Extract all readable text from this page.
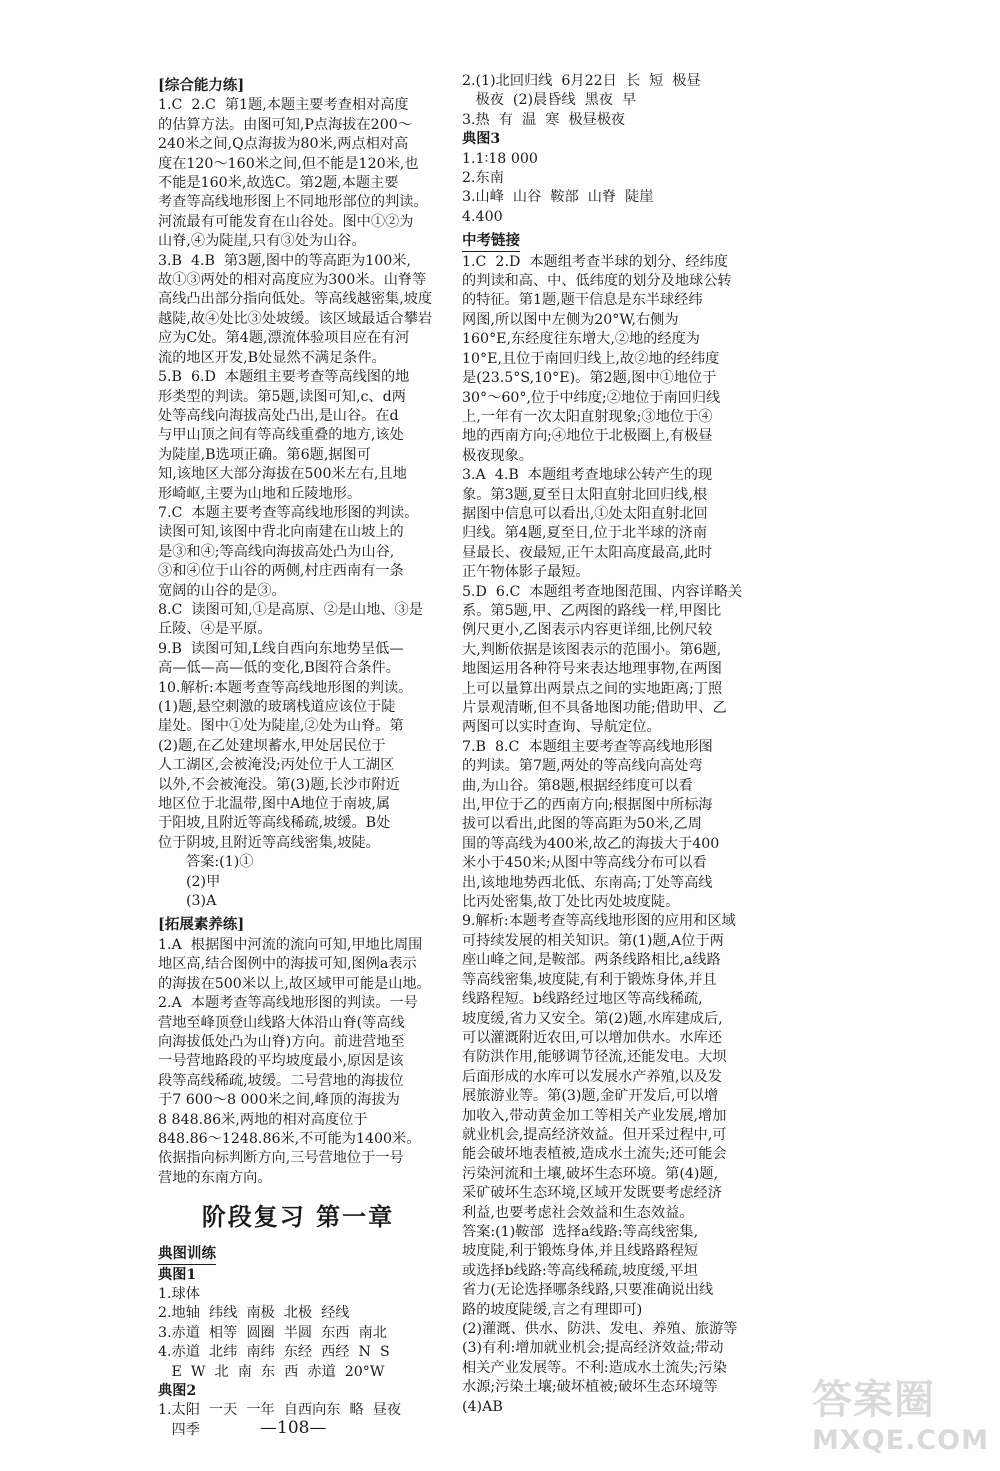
[综合能力练]
1.C  2.C  第1题,本题主要考查相对高度
的估算方法。由图可知,P点海拔在200～
240米之间,Q点海拔为80米,两点相对高
度在120～160米之间,但不能是120米,也
不能是160米,故选C。第2题,本题主要
考查等高线地形图上不同地形部位的判读。
河流最有可能发育在山谷处。图中①②为
山脊,④为陡崖,只有③处为山谷。
3.B  4.B  第3题,图中的等高距为100米,
故①③两处的相对高度应为300米。山脊等
高线凸出部分指向低处。等高线越密集,坡度
越陡,故④处比③处坡缓。该区域最适合攀岩
应为C处。第4题,漂流体验项目应在有河
流的地区开发,B处显然不满足条件。
5.B  6.D  本题组主要考查等高线图的地
形类型的判读。第5题,读图可知,c、d两
处等高线向海拔高处凸出,是山谷。在d
与甲山顶之间有等高线重叠的地方,该处
为陡崖,B选项正确。第6题,据图可
知,该地区大部分海拔在500米左右,且地
形崎岖,主要为山地和丘陵地形。
7.C  本题主要考查等高线地形图的判读。
读图可知,该图中背北向南建在山坡上的
是③和④;等高线向海拔高处凸为山谷,
③和④位于山谷的两侧,村庄西南有一条
宽阔的山谷的是③。
8.C  读图可知,①是高原、②是山地、③是
丘陵、④是平原。
9.B  读图可知,L线自西向东地势呈低—
高—低—高—低的变化,B图符合条件。
10.解析:本题考查等高线地形图的判读。
(1)题,悬空刺激的玻璃栈道应该位于陡
崖处。图中①处为陡崖,②处为山脊。第
(2)题,在乙处建坝蓄水,甲处居民位于
人工湖区,会被淹没;丙处位于人工湖区
以外,不会被淹没。第(3)题,长沙市附近
地区位于北温带,图中A地位于南坡,属
于阳坡,且附近等高线稀疏,坡缓。B处
位于阴坡,且附近等高线密集,坡陡。
答案:(1)①
(2)甲
(3)A
[拓展素养练]
1.A  根据图中河流的流向可知,甲地比周围
地区高,结合图例中的海拔可知,图例a表示
的海拔在500米以上,故区域甲可能是山地。
2.A  本题考查等高线地形图的判读。一号
营地至峰顶登山线路大体沿山脊(等高线
向海拔低处凸为山脊)方向。前进营地至
一号营地路段的平均坡度最小,原因是该
段等高线稀疏,坡缓。二号营地的海拔位
于7 600～8 000米之间,峰顶的海拔为
8 848.86米,两地的相对高度位于
848.86～1248.86米,不可能为1400米。
依据指向标判断方向,三号营地位于一号
营地的东南方向。
阶段复习 第一章
典图训练
典图1
1.球体
2.地轴  纬线  南极  北极  经线
3.赤道  相等  圆圈  半圆  东西  南北
4.赤道  北纬  南纬  东经  西经  N  S
E  W  北  南  东  西  赤道  20°W
典图2
1.太阳  一天  一年  自西向东  略  昼夜
四季
2.(1)北回归线  6月22日  长  短  极昼
极夜  (2)晨昏线  黑夜  早
3.热  有  温  寒  极昼极夜
典图3
1.1∶18 000
2.东南
3.山峰  山谷  鞍部  山脊  陡崖
4.400
中考链接
1.C  2.D  本题组考查半球的划分、经纬度
的判读和高、中、低纬度的划分及地球公转
的特征。第1题,题干信息是东半球经纬
网图,所以图中左侧为20°W,右侧为
160°E,东经度往东增大,②地的经度为
10°E,且位于南回归线上,故②地的经纬度
是(23.5°S,10°E)。第2题,图中①地位于
30°～60°,位于中纬度;②地位于南回归线
上,一年有一次太阳直射现象;③地位于④
地的西南方向;④地位于北极圈上,有极昼
极夜现象。
3.A  4.B  本题组考查地球公转产生的现
象。第3题,夏至日太阳直射北回归线,根
据图中信息可以看出,①处太阳直射北回
归线。第4题,夏至日,位于北半球的济南
昼最长、夜最短,正午太阳高度最高,此时
正午物体影子最短。
5.D  6.C  本题组考查地图范围、内容详略关
系。第5题,甲、乙两图的路线一样,甲图比
例尺更小,乙图表示内容更详细,比例尺较
大,判断依据是该图表示的范围小。第6题,
地图运用各种符号来表达地理事物,在两图
上可以量算出两景点之间的实地距离;丁照
片景观清晰,但不具备地图功能;借助甲、乙
两图可以实时查询、导航定位。
7.B  8.C  本题组主要考查等高线地形图
的判读。第7题,两处的等高线向高处弯
曲,为山谷。第8题,根据经纬度可以看
出,甲位于乙的西南方向;根据图中所标海
拔可以看出,此图的等高距为50米,乙周
围的等高线为400米,故乙的海拔大于400
米小于450米;从图中等高线分布可以看
出,该地地势西北低、东南高;丁处等高线
比丙处密集,故丁处比丙处坡度陡。
9.解析:本题考查等高线地形图的应用和区域
可持续发展的相关知识。第(1)题,A位于两
座山峰之间,是鞍部。两条线路相比,a线路
等高线密集,坡度陡,有利于锻炼身体,并且
线路程短。b线路经过地区等高线稀疏,
坡度缓,省力又安全。第(2)题,水库建成后,
可以灌溉附近农田,可以增加供水。水库还
有防洪作用,能够调节径流,还能发电。大坝
后面形成的水库可以发展水产养殖,以及发
展旅游业等。第(3)题,金矿开发后,可以增
加收入,带动黄金加工等相关产业发展,增加
就业机会,提高经济效益。但开采过程中,可
能会破坏地表植被,造成水土流失;还可能会
污染河流和土壤,破坏生态环境。第(4)题,
采矿破坏生态环境,区域开发既要考虑经济
利益,也要考虑社会效益和生态效益。
答案:(1)鞍部  选择a线路:等高线密集,
坡度陡,利于锻炼身体,并且线路路程短
或选择b线路:等高线稀疏,坡度缓,平坦
省力(无论选择哪条线路,只要准确说出线
路的坡度陡缓,言之有理即可)
(2)灌溉、供水、防洪、发电、养殖、旅游等
(3)有利:增加就业机会;提高经济效益;带动
相关产业发展等。不利:造成水土流失;污染
水源;污染土壤;破坏植被;破坏生态环境等
(4)AB
—108—
答案圈
MXQE.COM
